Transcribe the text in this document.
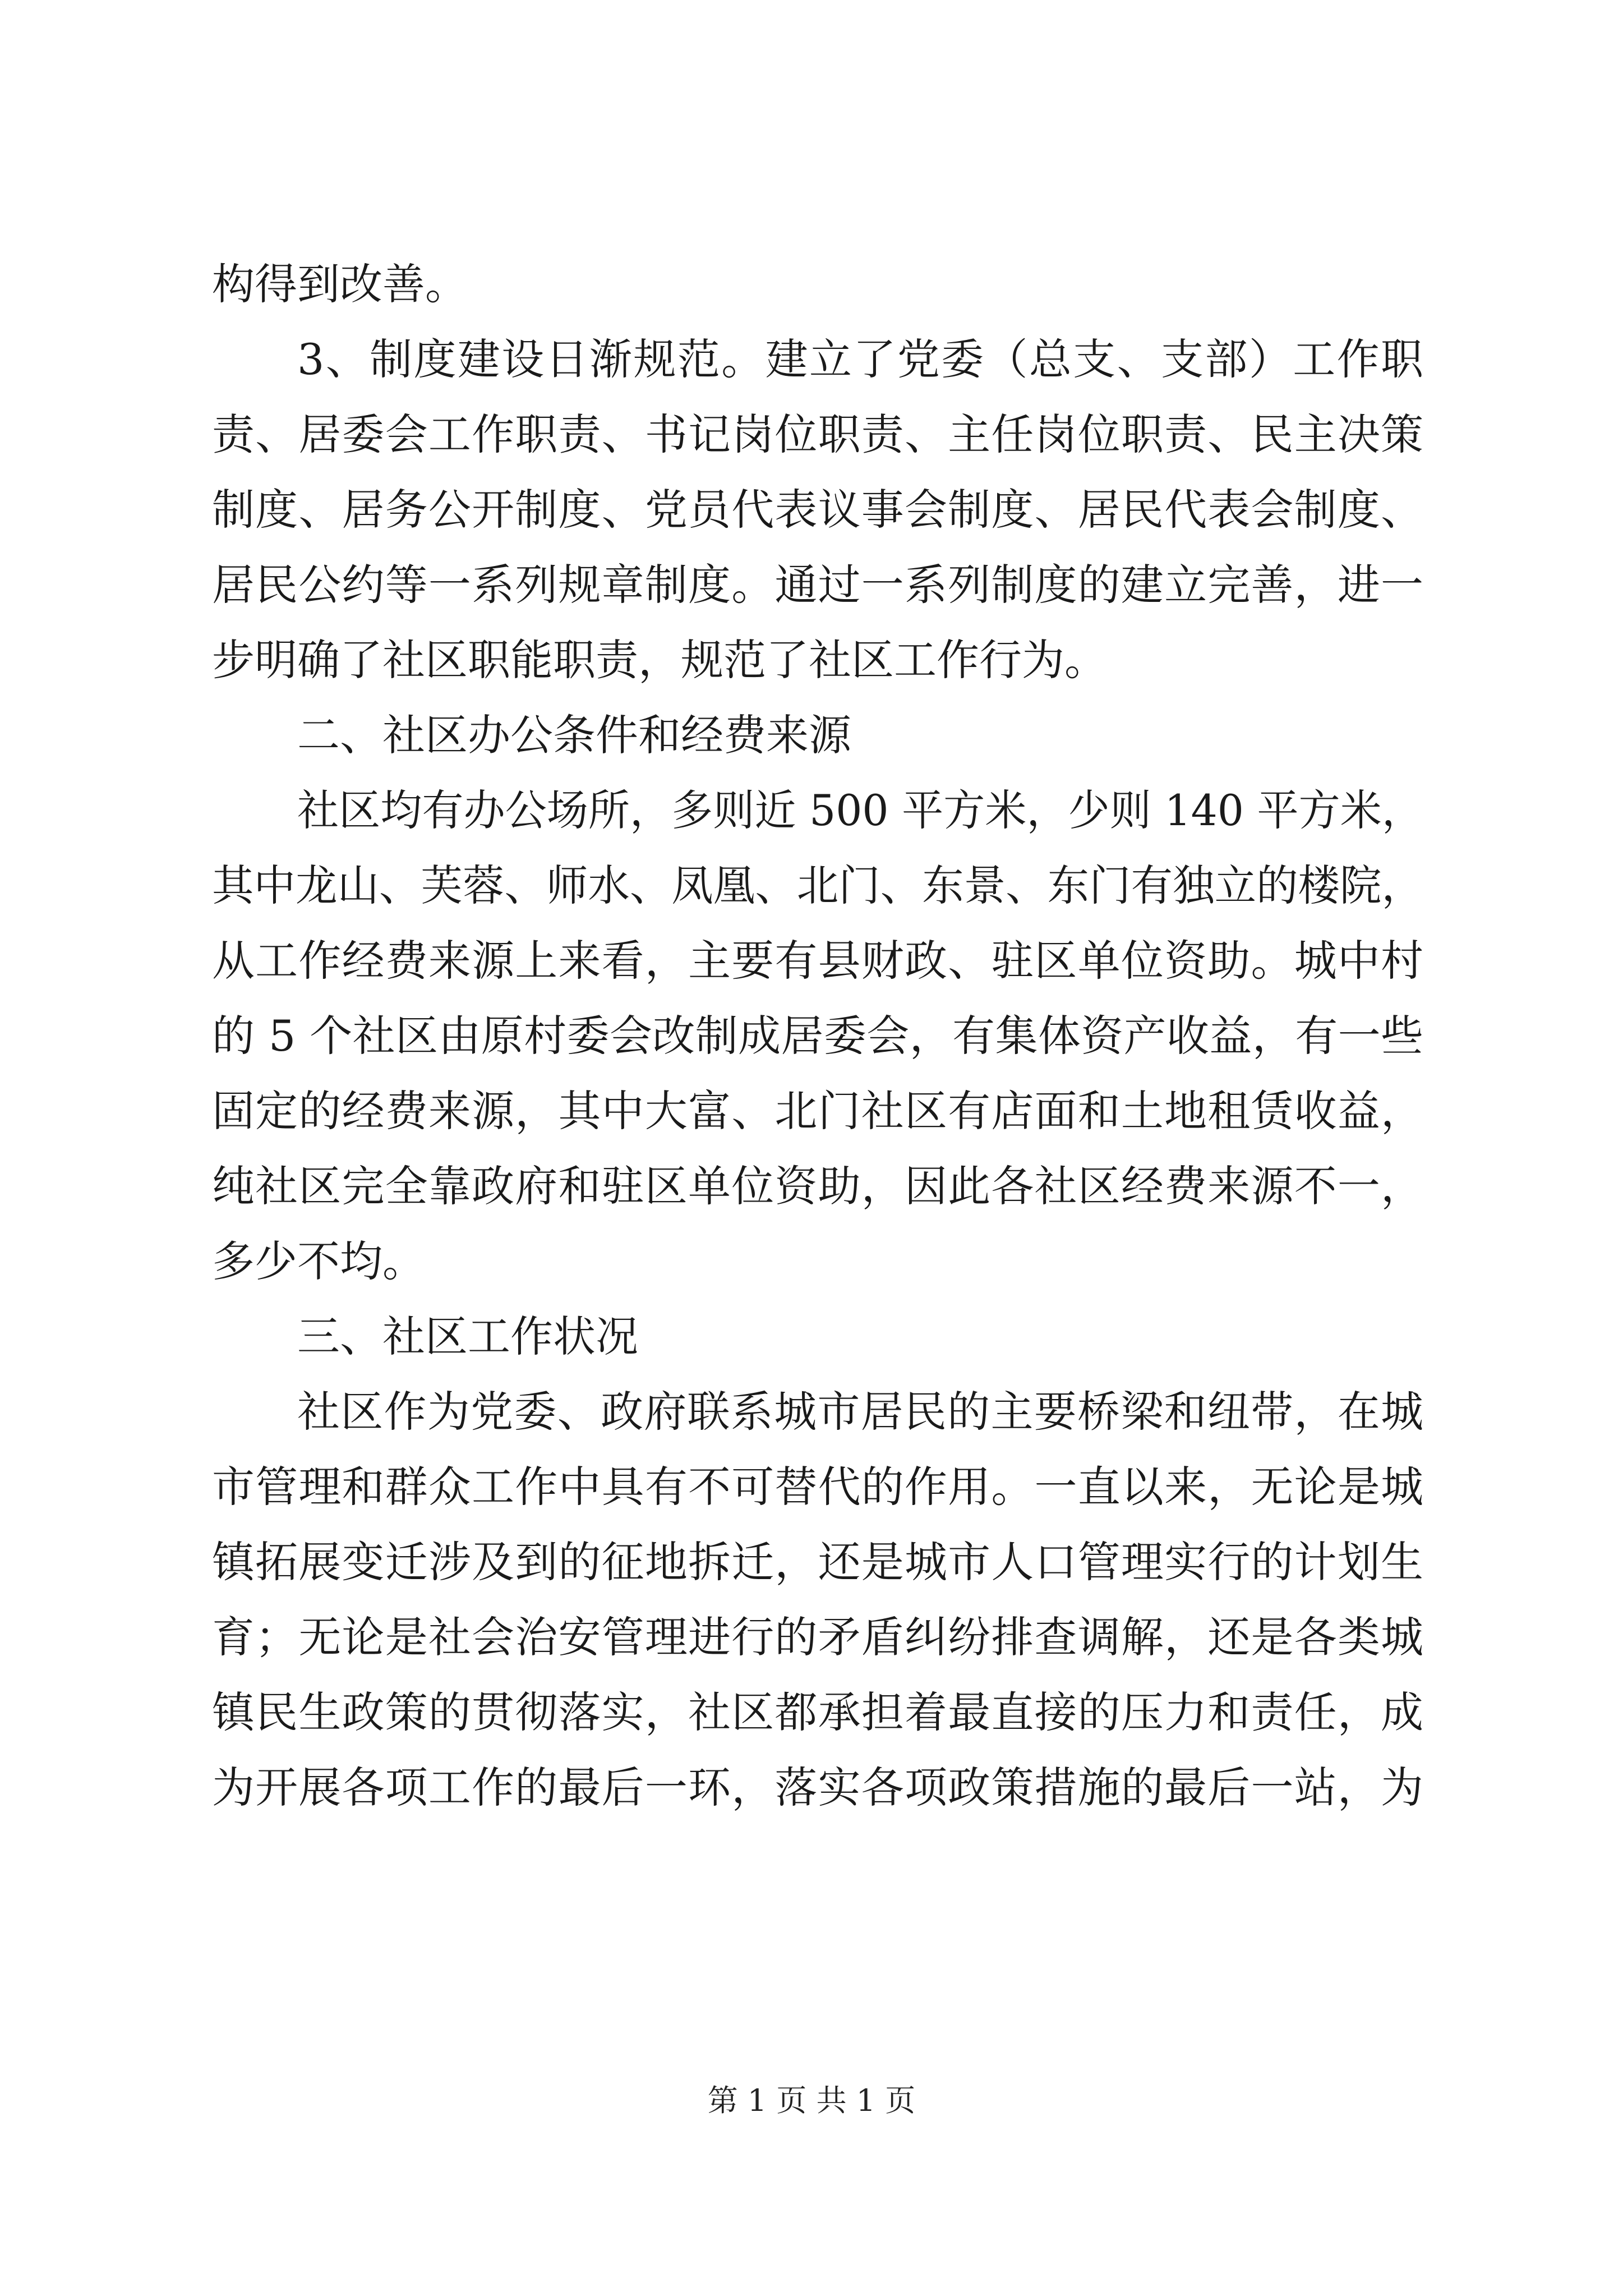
构得到改善。
3、制度建设日渐规范。建立了党委（总支、支部）工作职
责、居委会工作职责、书记岗位职责、主任岗位职责、民主决策
制度、居务公开制度、党员代表议事会制度、居民代表会制度、
居民公约等一系列规章制度。通过一系列制度的建立完善，进一
步明确了社区职能职责，规范了社区工作行为。
二、社区办公条件和经费来源
社区均有办公场所，多则近 500 平方米，少则 140 平方米，
其中龙山、芙蓉、师水、凤凰、北门、东景、东门有独立的楼院，
从工作经费来源上来看，主要有县财政、驻区单位资助。城中村
的 5 个社区由原村委会改制成居委会，有集体资产收益，有一些
固定的经费来源，其中大富、北门社区有店面和土地租赁收益，
纯社区完全靠政府和驻区单位资助，因此各社区经费来源不一，
多少不均。
三、社区工作状况
社区作为党委、政府联系城市居民的主要桥梁和纽带，在城
市管理和群众工作中具有不可替代的作用。一直以来，无论是城
镇拓展变迁涉及到的征地拆迁，还是城市人口管理实行的计划生
育；无论是社会治安管理进行的矛盾纠纷排查调解，还是各类城
镇民生政策的贯彻落实，社区都承担着最直接的压力和责任，成
为开展各项工作的最后一环，落实各项政策措施的最后一站，为
第 1 页 共 1 页
